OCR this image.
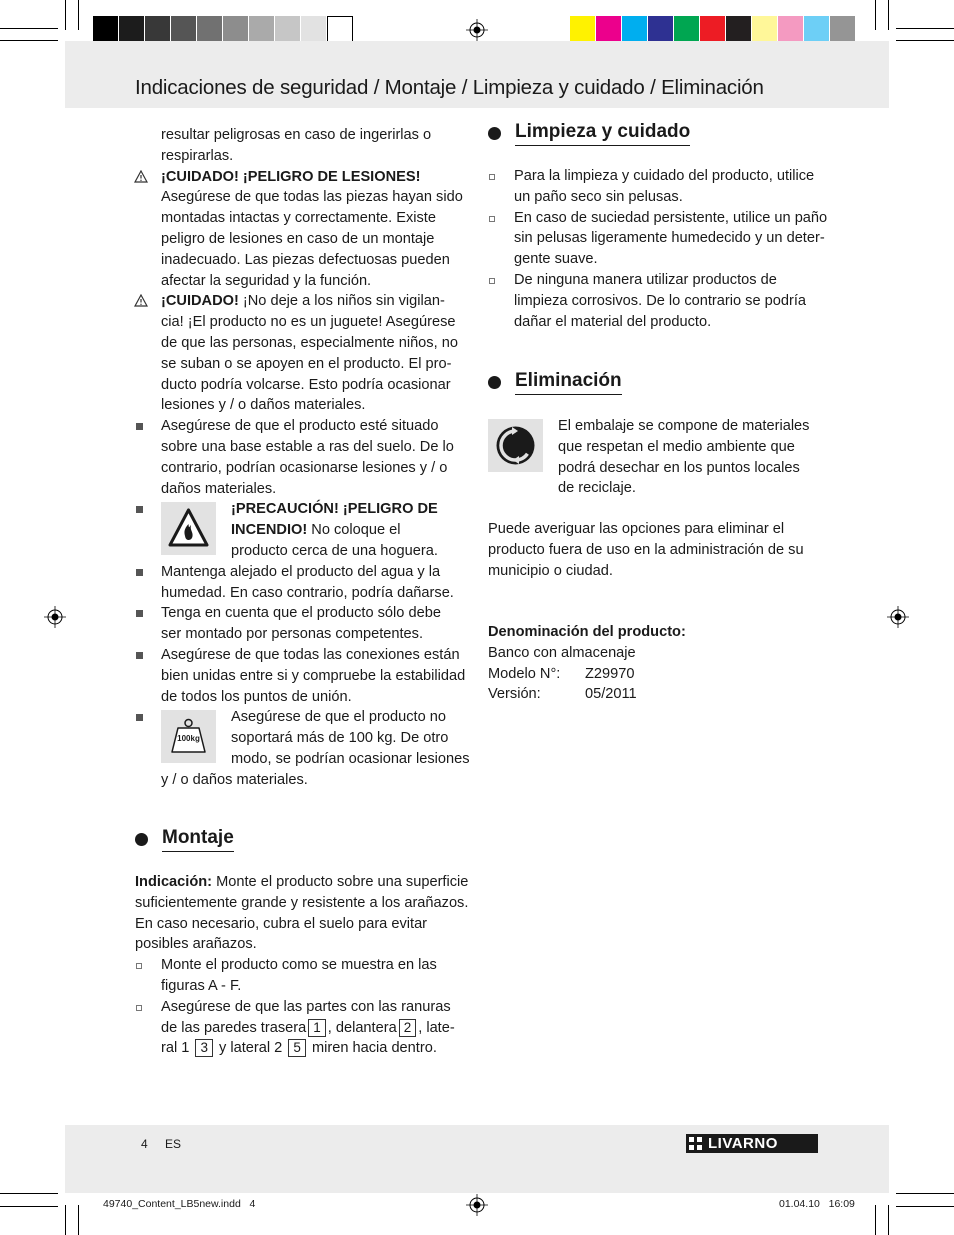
Indicaciones de seguridad / Montaje / Limpieza y cuidado / Eliminación

resultar peligrosas en caso de ingerirlas o

respirarlas.

¡CUIDADO! ¡PELIGRO DE LESIONES!

Asegúrese de que todas las piezas hayan sido

montadas intactas y correctamente. Existe

peligro de lesiones en caso de un montaje

inadecuado. Las piezas defectuosas pueden

afectar la seguridad y la función.

¡CUIDADO! ¡No deje a los niños sin vigilan-

cia! ¡El producto no es un juguete! Asegúrese

de que las personas, especialmente niños, no

se suban o se apoyen en el producto. El pro-

ducto podría volcarse. Esto podría ocasionar

lesiones y / o daños materiales.

Asegúrese de que el producto esté situado

sobre una base estable a ras del suelo. De lo

contrario, podrían ocasionarse lesiones y / o

daños materiales.

¡PRECAUCIÓN! ¡PELIGRO DE

INCENDIO! No coloque el

producto cerca de una hoguera.

Mantenga alejado el producto del agua y la

humedad. En caso contrario, podría dañarse.

Tenga en cuenta que el producto sólo debe

ser montado por personas competentes.

Asegúrese de que todas las conexiones están

bien unidas entre si y compruebe la estabilidad

de todos los puntos de unión.

100kg

Asegúrese de que el producto no

soportará más de 100 kg. De otro

modo, se podrían ocasionar lesiones

y / o daños materiales.

Montaje

Indicación: Monte el producto sobre una superficie

suficientemente grande y resistente a los arañazos.

En caso necesario, cubra el suelo para evitar

posibles arañazos.

Monte el producto como se muestra en las

figuras A - F.

Asegúrese de que las partes con las ranuras

de las paredes trasera 1 , delantera 2 , late-

ral 1 3 y lateral 2 5 miren hacia dentro.

Limpieza y cuidado

Para la limpieza y cuidado del producto, utilice

un paño seco sin pelusas.

En caso de suciedad persistente, utilice un paño

sin pelusas ligeramente humedecido y un deter-

gente suave.

De ninguna manera utilizar productos de

limpieza corrosivos. De lo contrario se podría

dañar el material del producto.

Eliminación

El embalaje se compone de materiales

que respetan el medio ambiente que

podrá desechar en los puntos locales

de reciclaje.

Puede averiguar las opciones para eliminar el

producto fuera de uso en la administración de su

municipio o ciudad.

Denominación del producto:

Banco con almacenaje

Modelo N°:	Z29970
Versión:	05/2011
4 ES	LIVARNO
49740_Content_LB5new.indd   4	01.04.10   16:09
